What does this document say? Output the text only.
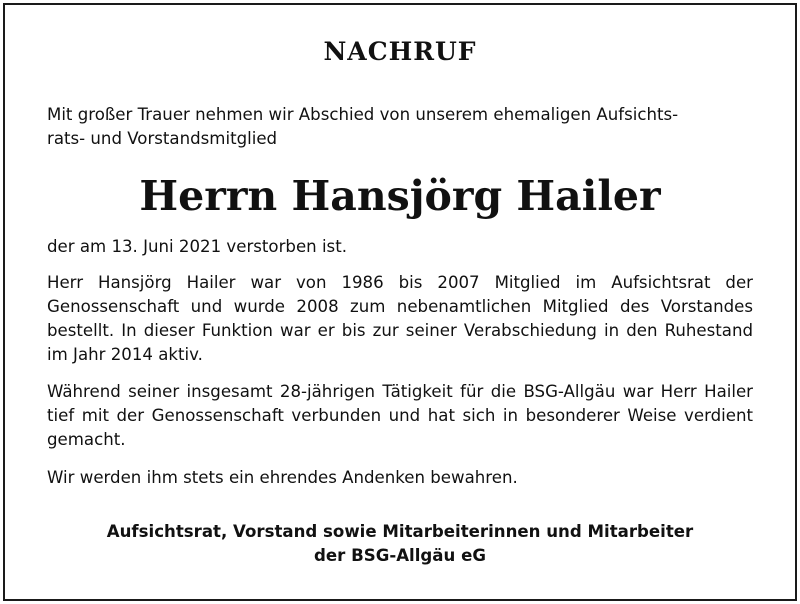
NACHRUF
Mit großer Trauer nehmen wir Abschied von unserem ehemaligen Aufsichts-
rats- und Vorstandsmitglied
Herrn Hansjörg Hailer
der am 13. Juni 2021 verstorben ist.
Herr Hansjörg Hailer war von 1986 bis 2007 Mitglied im Aufsichtsrat der Genossenschaft und wurde 2008 zum nebenamtlichen Mitglied des Vorstandes bestellt. In dieser Funktion war er bis zur seiner Verabschiedung in den Ruhestand im Jahr 2014 aktiv.
Während seiner insgesamt 28-jährigen Tätigkeit für die BSG-Allgäu war Herr Hailer tief mit der Genossenschaft verbunden und hat sich in besonderer Weise verdient gemacht.
Wir werden ihm stets ein ehrendes Andenken bewahren.
Aufsichtsrat, Vorstand sowie Mitarbeiterinnen und Mitarbeiter
der BSG-Allgäu eG
